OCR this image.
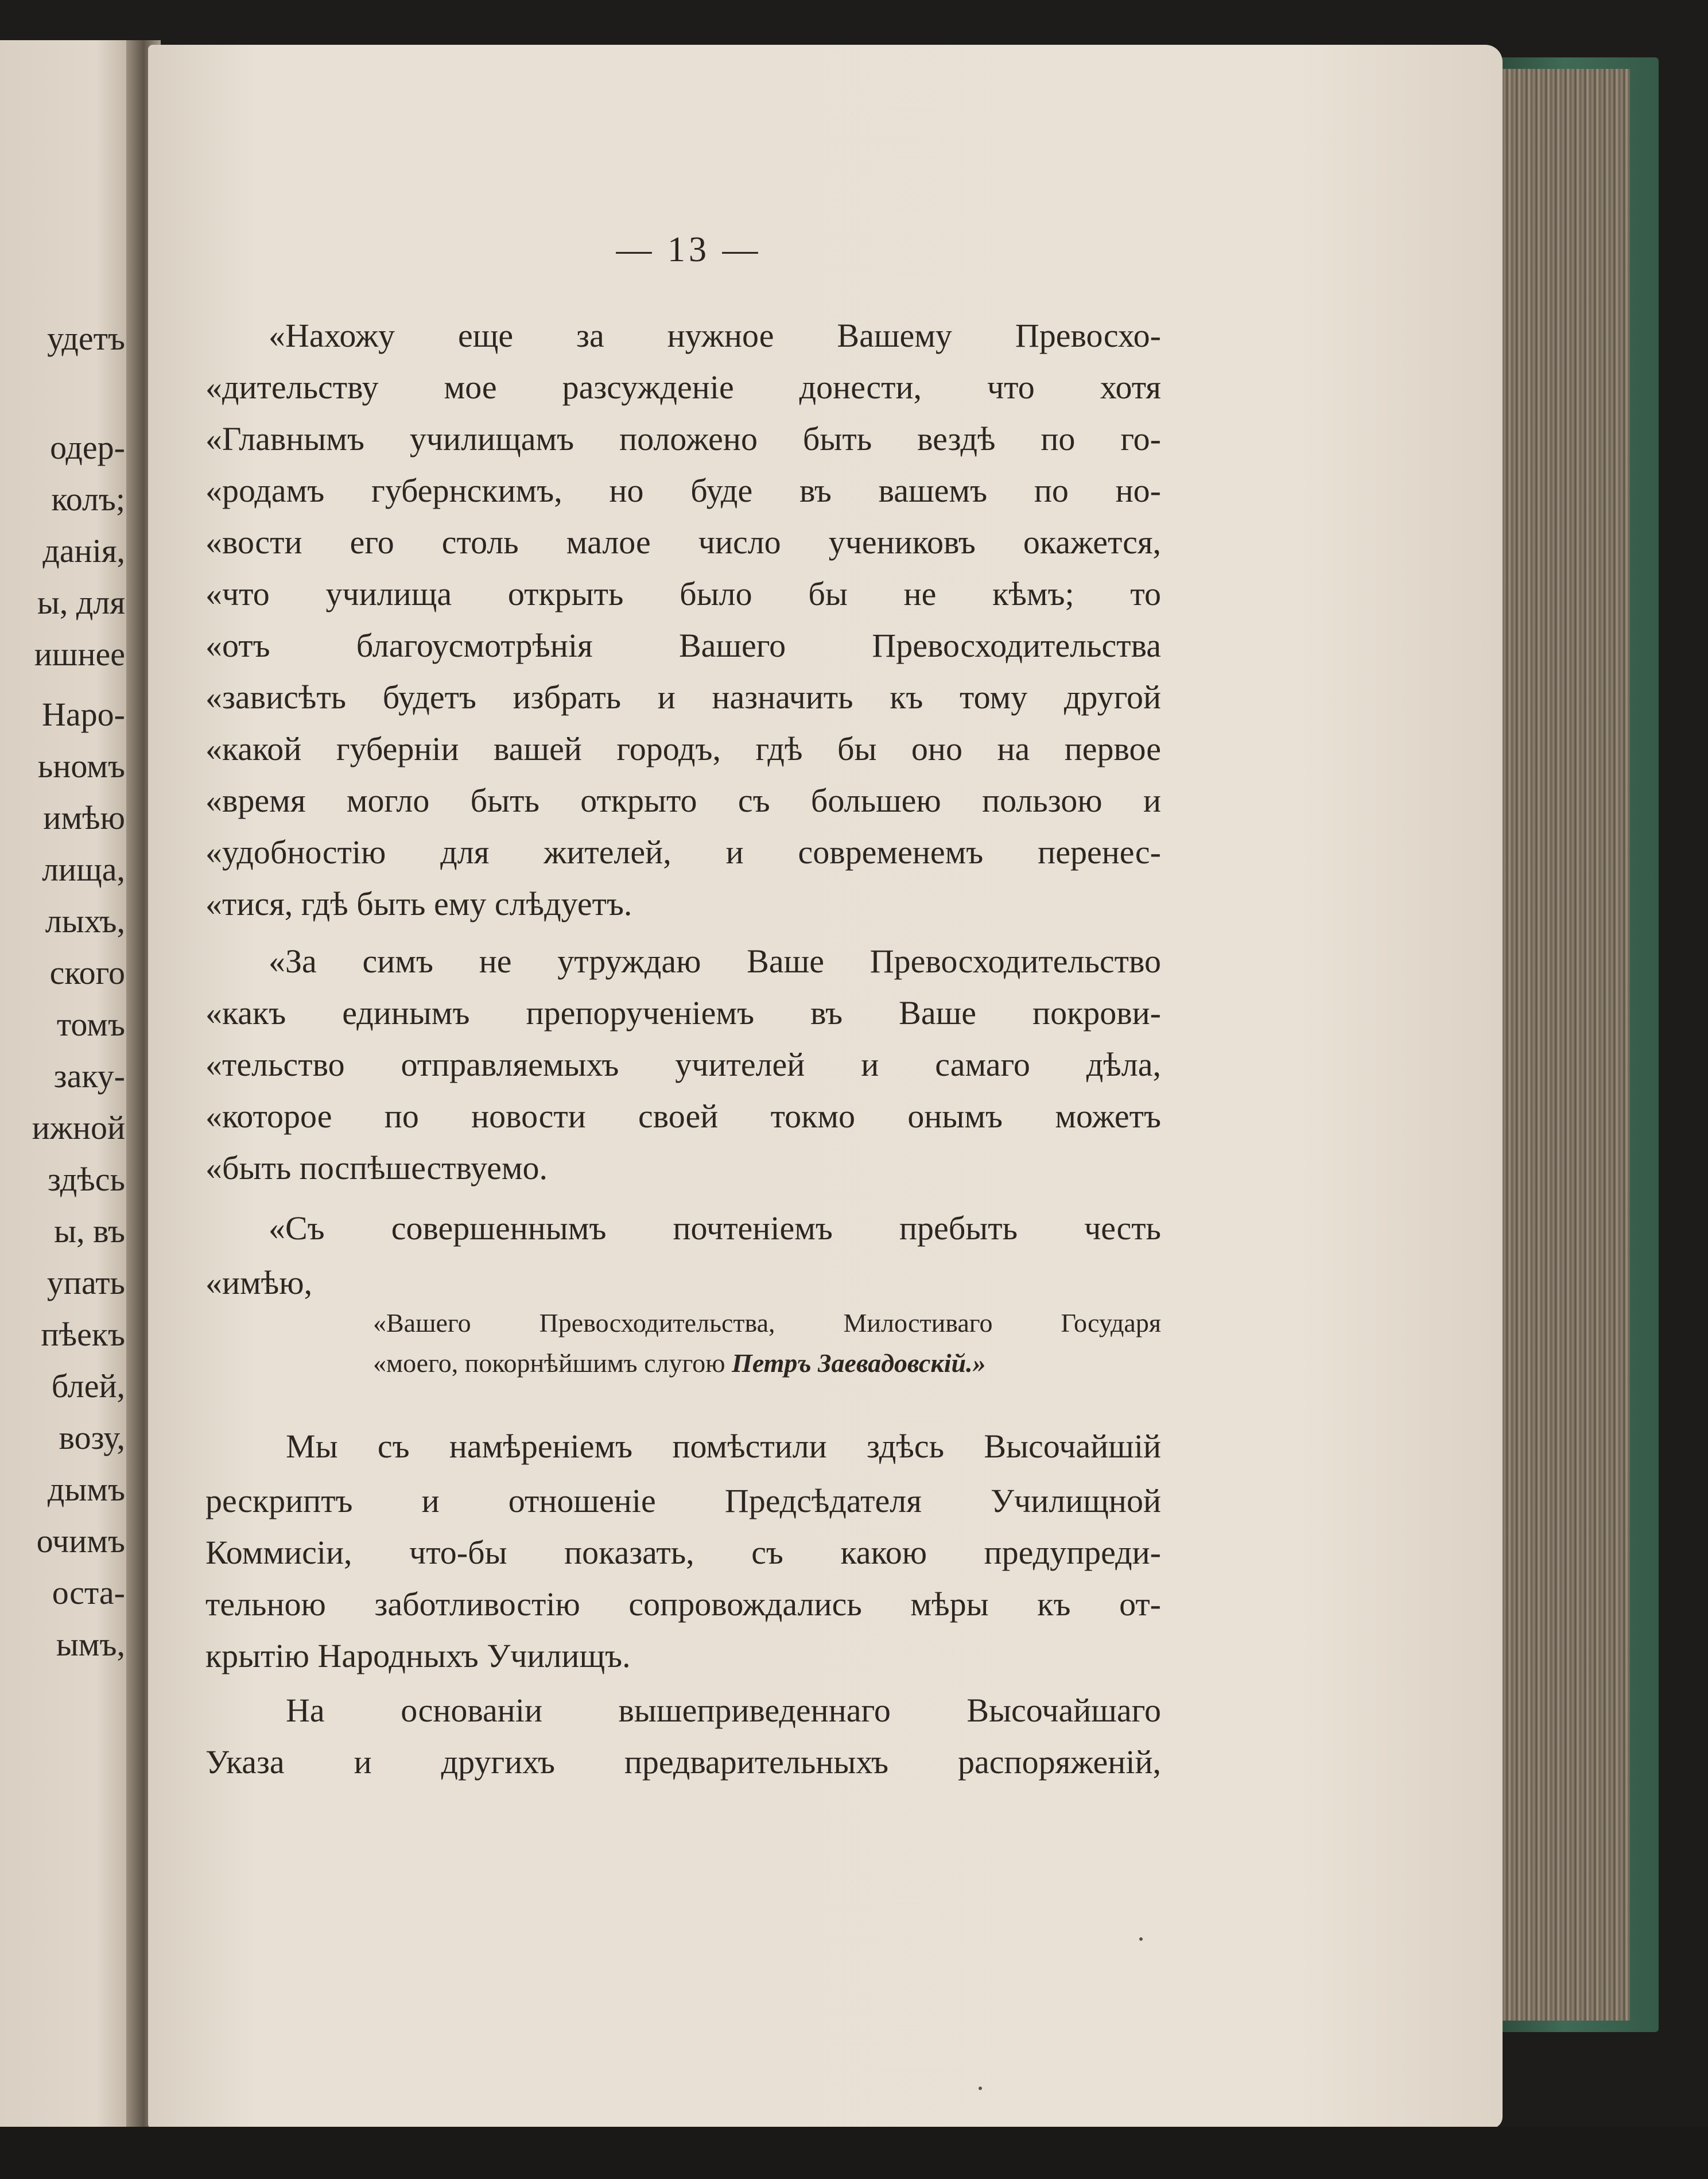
удетъ
одер-
колъ;
данія,
ы, для
ишнее
Наро-
ьномъ
имѣю
лища,
лыхъ,
ского
томъ
заку-
ижной
здѣсь
ы, въ
упать
пѣекъ
блей,
возу,
дымъ
очимъ
оста-
ымъ,
— 13 —
«Нахожу еще за нужное Вашему Превосхо-
«дительству мое разсужденіе донести, что хотя
«Главнымъ училищамъ положено быть вездѣ по го-
«родамъ губернскимъ, но буде въ вашемъ по но-
«вости его столь малое число учениковъ окажется,
«что училища открыть было бы не кѣмъ; то
«отъ благоусмотрѣнія Вашего Превосходительства
«зависѣть будетъ избрать и назначить къ тому другой
«какой губерніи вашей городъ, гдѣ бы оно на первое
«время могло быть открыто съ большею пользою и
«удобностію для жителей, и современемъ перенес-
«тися, гдѣ быть ему слѣдуетъ.
«За симъ не утруждаю Ваше Превосходительство
«какъ единымъ препорученіемъ въ Ваше покрови-
«тельство отправляемыхъ учителей и самаго дѣла,
«которое по новости своей токмо онымъ можетъ
«быть поспѣшествуемо.
«Съ совершеннымъ почтеніемъ пребыть честь
«имѣю,
«Вашего Превосходительства, Милостиваго Государя
«моего, покорнѣйшимъ слугою Петръ Заевадовскій.»
Мы съ намѣреніемъ помѣстили здѣсь Высочайшій
рескриптъ и отношеніе Предсѣдателя Училищной
Коммисіи, что-бы показать, съ какою предупреди-
тельною заботливостію сопровождались мѣры къ от-
крытію Народныхъ Училищъ.
На основаніи вышеприведеннаго Высочайшаго
Указа и другихъ предварительныхъ распоряженій,
